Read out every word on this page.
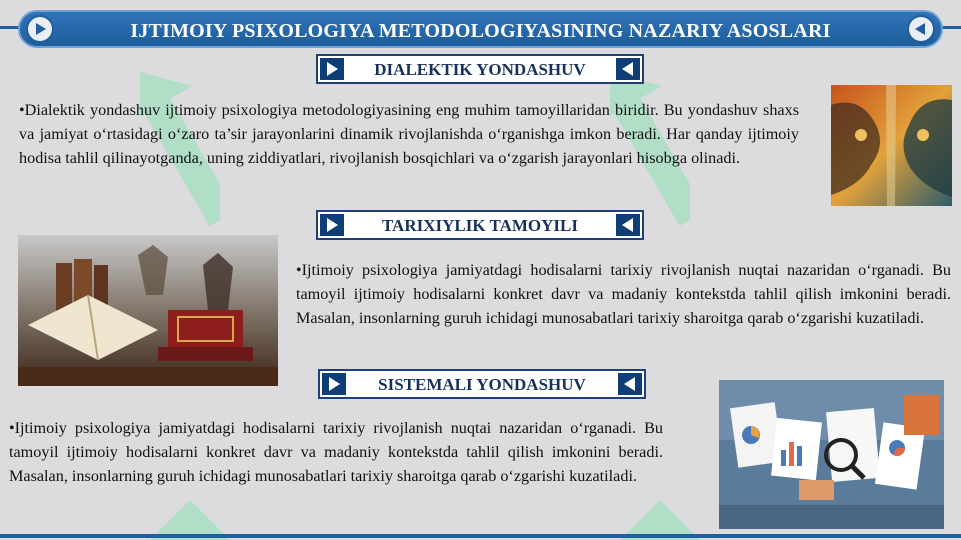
IJTIMOIY PSIXOLOGIYA METODOLOGIYASINING NAZARIY ASOSLARI
DIALEKTIK YONDASHUV

•Dialektik yondashuv ijtimoiy psixologiya metodologiyasining eng muhim tamoyillaridan biridir. Bu yondashuv shaxs va jamiyat o‘rtasidagi o‘zaro ta’sir jarayonlarini dinamik rivojlanishda o‘rganishga imkon beradi. Har qanday ijtimoiy hodisa tahlil qilinayotganda, uning ziddiyatlari, rivojlanish bosqichlari va o‘zgarish jarayonlari hisobga olinadi.

TARIXIYLIK TAMOYILI

•Ijtimoiy psixologiya jamiyatdagi hodisalarni tarixiy rivojlanish nuqtai nazaridan o‘rganadi. Bu tamoyil ijtimoiy hodisalarni konkret davr va madaniy kontekstda tahlil qilish imkonini beradi. Masalan, insonlarning guruh ichidagi munosabatlari tarixiy sharoitga qarab o‘zgarishi kuzatiladi.

SISTEMALI YONDASHUV

•Ijtimoiy psixologiya jamiyatdagi hodisalarni tarixiy rivojlanish nuqtai nazaridan o‘rganadi. Bu tamoyil ijtimoiy hodisalarni konkret davr va madaniy kontekstda tahlil qilish imkonini beradi. Masalan, insonlarning guruh ichidagi munosabatlari tarixiy sharoitga qarab o‘zgarishi kuzatiladi.
